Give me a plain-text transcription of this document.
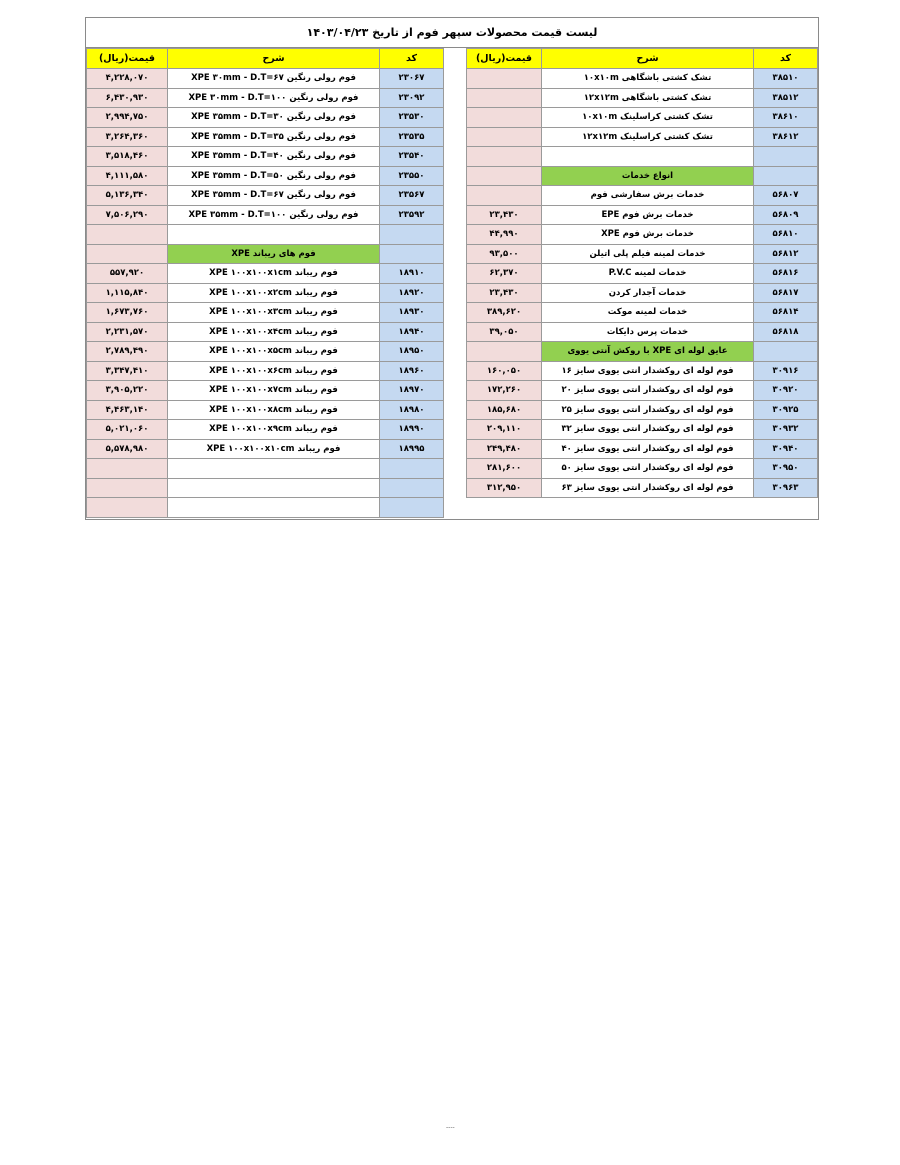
لیست قیمت محصولات سپهر فوم از تاریخ ۱۴۰۳/۰۴/۲۳
کد	شرح	قیمت(ریال)
۳۸۵۱۰	تشک کشتی باشگاهی ۱۰x۱۰m	
۳۸۵۱۲	تشک کشتی باشگاهی ۱۲x۱۲m	
۳۸۶۱۰	تشک کشتی کراسلینک ۱۰x۱۰m	
۳۸۶۱۲	تشک کشتی کراسلینک ۱۲x۱۲m	

	انواع خدمات	
۵۶۸۰۷	خدمات برش سفارشی فوم	
۵۶۸۰۹	خدمات برش فوم EPE	۲۳,۴۳۰
۵۶۸۱۰	خدمات برش فوم XPE	۴۴,۹۹۰
۵۶۸۱۲	خدمات لمینه فیلم پلی اتیلن	۹۳,۵۰۰
۵۶۸۱۶	خدمات لمینه P.V.C	۶۲,۳۷۰
۵۶۸۱۷	خدمات آجدار کردن	۲۳,۴۳۰
۵۶۸۱۴	خدمات لمینه موکت	۳۸۹,۶۲۰
۵۶۸۱۸	خدمات پرس دایکات	۳۹,۰۵۰
	عایق لوله ای XPE با روکش آنتی یووی	
۳۰۹۱۶	فوم لوله ای روکشدار انتی یووی سایز ۱۶	۱۶۰,۰۵۰
۳۰۹۲۰	فوم لوله ای روکشدار انتی یووی سایز ۲۰	۱۷۲,۲۶۰
۳۰۹۲۵	فوم لوله ای روکشدار انتی یووی سایز ۲۵	۱۸۵,۶۸۰
۳۰۹۳۲	فوم لوله ای روکشدار انتی یووی سایز ۳۲	۲۰۹,۱۱۰
۳۰۹۴۰	فوم لوله ای روکشدار انتی یووی سایز ۴۰	۲۴۹,۴۸۰
۳۰۹۵۰	فوم لوله ای روکشدار انتی یووی سایز ۵۰	۲۸۱,۶۰۰
۳۰۹۶۳	فوم لوله ای روکشدار انتی یووی سایز ۶۳	۳۱۲,۹۵۰
کد	شرح	قیمت(ریال)
۲۳۰۶۷	فوم رولی رنگین XPE ۳۰mm - D.T=۶۷	۴,۲۲۸,۰۷۰
۲۳۰۹۲	فوم رولی رنگین XPE ۳۰mm - D.T=۱۰۰	۶,۴۳۰,۹۳۰
۲۳۵۳۰	فوم رولی رنگین XPE ۳۵mm - D.T=۳۰	۲,۹۹۴,۷۵۰
۲۳۵۳۵	فوم رولی رنگین XPE ۳۵mm - D.T=۳۵	۳,۲۶۴,۳۶۰
۲۳۵۴۰	فوم رولی رنگین XPE ۳۵mm - D.T=۴۰	۳,۵۱۸,۴۶۰
۲۳۵۵۰	فوم رولی رنگین XPE ۳۵mm - D.T=۵۰	۴,۱۱۱,۵۸۰
۲۳۵۶۷	فوم رولی رنگین XPE ۳۵mm - D.T=۶۷	۵,۱۳۶,۳۴۰
۲۳۵۹۲	فوم رولی رنگین XPE ۳۵mm - D.T=۱۰۰	۷,۵۰۶,۲۹۰

	فوم های ریباند XPE	
۱۸۹۱۰	فوم ریباند XPE ۱۰۰x۱۰۰x۱cm	۵۵۷,۹۲۰
۱۸۹۲۰	فوم ریباند XPE ۱۰۰x۱۰۰x۲cm	۱,۱۱۵,۸۴۰
۱۸۹۳۰	فوم ریباند XPE ۱۰۰x۱۰۰x۳cm	۱,۶۷۳,۷۶۰
۱۸۹۴۰	فوم ریباند XPE ۱۰۰x۱۰۰x۴cm	۲,۲۳۱,۵۷۰
۱۸۹۵۰	فوم ریباند XPE ۱۰۰x۱۰۰x۵cm	۲,۷۸۹,۴۹۰
۱۸۹۶۰	فوم ریباند XPE ۱۰۰x۱۰۰x۶cm	۳,۳۴۷,۴۱۰
۱۸۹۷۰	فوم ریباند XPE ۱۰۰x۱۰۰x۷cm	۳,۹۰۵,۲۲۰
۱۸۹۸۰	فوم ریباند XPE ۱۰۰x۱۰۰x۸cm	۴,۴۶۳,۱۴۰
۱۸۹۹۰	فوم ریباند XPE ۱۰۰x۱۰۰x۹cm	۵,۰۲۱,۰۶۰
۱۸۹۹۵	فوم ریباند XPE ۱۰۰x۱۰۰x۱۰cm	۵,۵۷۸,۹۸۰

----
